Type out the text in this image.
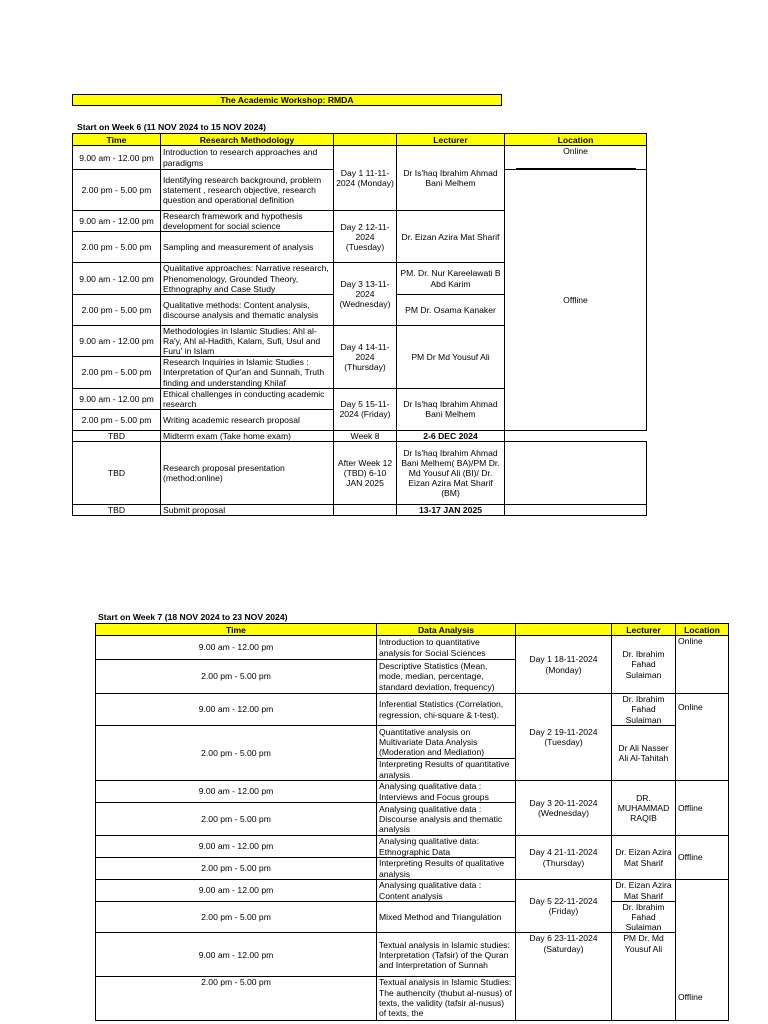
The Academic Workshop: RMDA
Start on Week 6 (11 NOV 2024 to 15 NOV 2024)
Time	Research Methodology		Lecturer	Location
9.00 am - 12.00 pm	Introduction to research approaches and paradigms	Day 1 11-11-2024 (Monday)	Dr Is'haq Ibrahim Ahmad Bani Melhem	Online

2.00 pm - 5.00 pm	Identifying research background, problem statement , research objective, research question and operational definition			Offline
9.00 am - 12.00 pm	Research framework and hypothesis development for social science	Day 2 12-11-2024 (Tuesday)	Dr. Eizan Azira Mat Sharif	
2.00 pm - 5.00 pm	Sampling and measurement of analysis			
9.00 am - 12.00 pm	Qualitative approaches: Narrative research, Phenomenology, Grounded Theory, Ethnography and Case Study	Day 3 13-11-2024 (Wednesday)	PM. Dr. Nur Kareelawati B Abd Karim	
2.00 pm - 5.00 pm	Qualitative methods: Content analysis, discourse analysis and thematic analysis		PM Dr. Osama Kanaker	
9.00 am - 12.00 pm	Methodologies in Islamic Studies: Ahl al-Ra'y, Ahl al-Hadith, Kalam, Sufi, Usul and Furu' in Islam	Day 4 14-11-2024 (Thursday)	PM Dr Md Yousuf Ali	
2.00 pm - 5.00 pm	Research Inquiries in Islamic Studies : Interpretation of Qur'an and Sunnah, Truth finding and understanding Khilaf			
9.00 am - 12.00 pm	Ethical challenges in conducting academic research	Day 5 15-11-2024 (Friday)	Dr Is'haq Ibrahim Ahmad Bani Melhem	
2.00 pm - 5.00 pm	Writing academic research proposal			
TBD	Midterm exam (Take home exam)	Week 8	2-6 DEC 2024	
TBD	Research proposal presentation (method:online)	After Week 12 (TBD) 6-10 JAN 2025	Dr Is'haq Ibrahim Ahmad Bani Melhem( BA)/PM Dr. Md Yousuf Ali (BI)/ Dr. Eizan Azira Mat Sharif (BM)	
TBD	Submit proposal		13-17 JAN 2025	
Start on Week 7 (18 NOV 2024 to 23 NOV 2024)
Time	Data Analysis		Lecturer	Location
9.00 am - 12.00 pm	Introduction to quantitative analysis for Social Sciences	Day 1 18-11-2024 (Monday)	Dr. Ibrahim Fahad Sulaiman	Online
2.00 pm - 5.00 pm	Descriptive Statistics (Mean, mode, median, percentage, standard deviation, frequency)			
9.00 am - 12.00 pm	Inferential Statistics (Correlation, regression, chi-square & t-test).	Day 2 19-11-2024 (Tuesday)	Dr. Ibrahim Fahad Sulaiman	Online
2.00 pm - 5.00 pm	Quantitative analysis on Multivariate Data Analysis (Moderation and Mediation)		Dr Ali Nasser Ali Al-Tahitah	
	Interpreting Results of quantitative analysis			
9.00 am - 12.00 pm	Analysing qualitative data : Interviews and Focus groups	Day 3 20-11-2024 (Wednesday)	DR. MUHAMMAD RAQIB	Offline
2.00 pm - 5.00 pm	Analysing qualitative data : Discourse analysis and thematic analysis			
9.00 am - 12.00 pm	Analysing qualitative data: Ethnographic Data	Day 4 21-11-2024 (Thursday)	Dr. Eizan Azira Mat Sharif	Offline
2.00 pm - 5.00 pm	Interpreting Results of qualitative analysis			
9.00 am - 12.00 pm	Analysing qualitative data : Content analysis	Day 5 22-11-2024 (Friday)	Dr. Eizan Azira Mat Sharif	Offline
2.00 pm - 5.00 pm	Mixed Method and Triangulation		Dr. Ibrahim Fahad Sulaiman	
9.00 am - 12.00 pm	Textual analysis in Islamic studies: Interpretation (Tafsir) of the Quran and Interpretation of Sunnah	Day 6 23-11-2024 (Saturday)	PM Dr. Md Yousuf Ali	
2.00 pm - 5.00 pm	Textual analysis in Islamic Studies: The authencity (thubut al-nusus) of texts, the validity (tafsir al-nusus) of texts, the			
